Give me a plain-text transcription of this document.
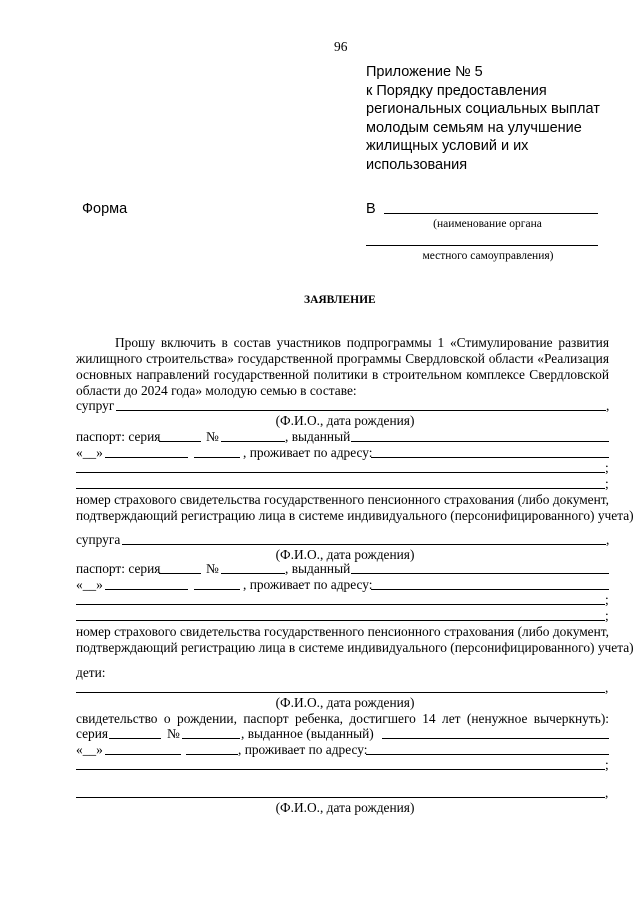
96
Приложение № 5
к Порядку предоставления
региональных социальных выплат
молодым семьям на улучшение
жилищных условий и их
использования
Форма	В
(наименование органа
местного самоуправления)
ЗАЯВЛЕНИЕ
Прошу включить в состав участников подпрограммы 1 «Стимулирование развития
жилищного строительства» государственной программы Свердловской области «Реализация
основных направлений государственной политики в строительном комплексе Свердловской
области до 2024 года» молодую семью в составе:
супруг	,
(Ф.И.О., дата рождения)
паспорт: серия	№	, выданный
«__»	, проживает по адресу:
;
;
номер страхового свидетельства государственного пенсионного страхования (либо документ,
подтверждающий регистрацию лица в системе индивидуального (персонифицированного) учета)
супруга	,
(Ф.И.О., дата рождения)
паспорт: серия	№	, выданный
«__»	, проживает по адресу:
;
;
номер страхового свидетельства государственного пенсионного страхования (либо документ,
подтверждающий регистрацию лица в системе индивидуального (персонифицированного) учета)
дети:
,
(Ф.И.О., дата рождения)
свидетельство о рождении, паспорт ребенка, достигшего 14 лет (ненужное вычеркнуть):
серия	№	, выданное (выданный)
«__»	, проживает по адресу:
;
,
(Ф.И.О., дата рождения)
